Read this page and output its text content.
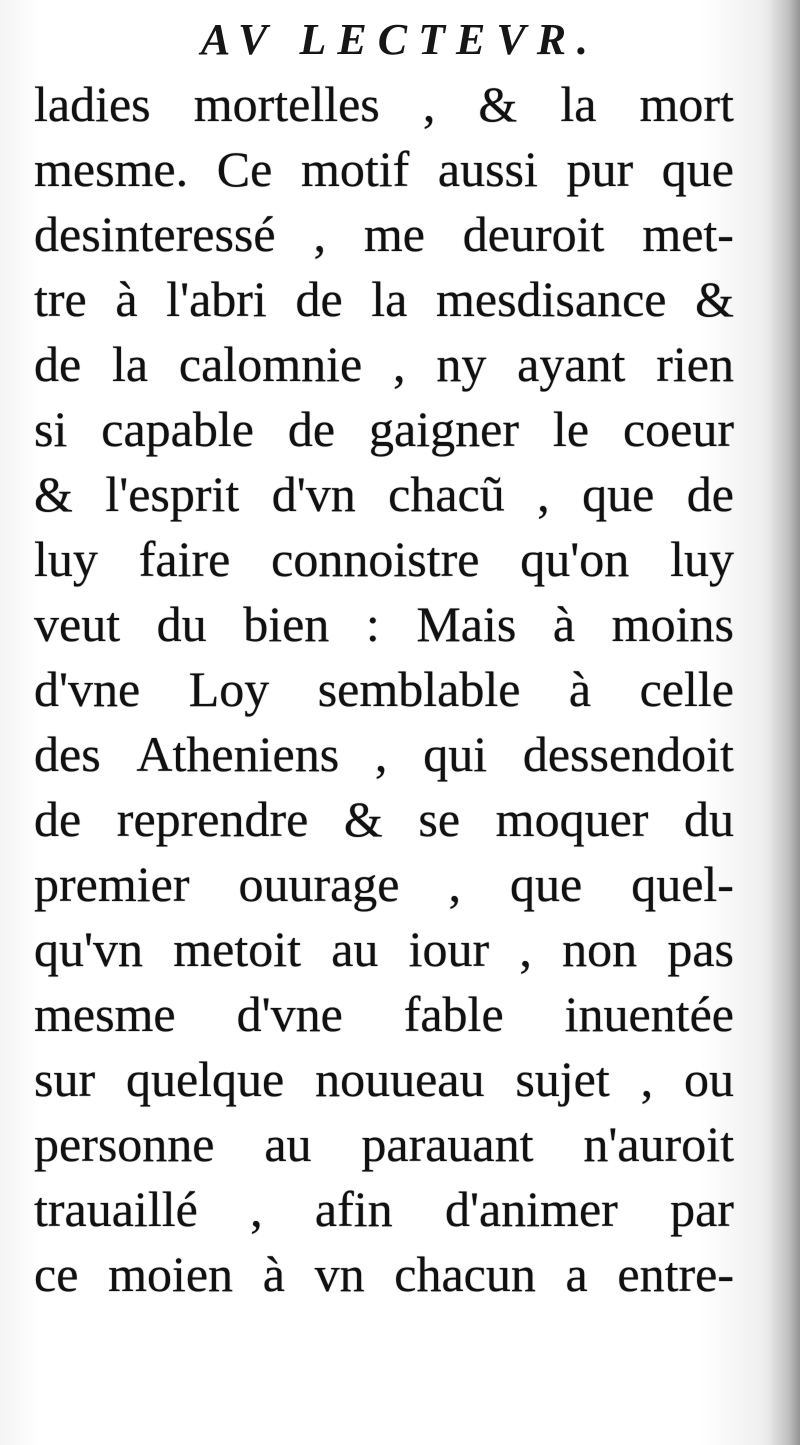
AV LECTEVR.
ladies mortelles , & la mort
mesme. Ce motif aussi pur que
desinteressé , me deuroit met-
tre à l'abri de la mesdisance &
de la calomnie , ny ayant rien
si capable de gaigner le coeur
& l'esprit d'vn chacũ , que de
luy faire connoistre qu'on luy
veut du bien : Mais à moins
d'vne Loy semblable à celle
des Atheniens , qui dessendoit
de reprendre & se moquer du
premier ouurage , que quel-
qu'vn metoit au iour , non pas
mesme d'vne fable inuentée
sur quelque nouueau sujet , ou
personne au parauant n'auroit
trauaillé , afin d'animer par
ce moien à vn chacun a entre-
